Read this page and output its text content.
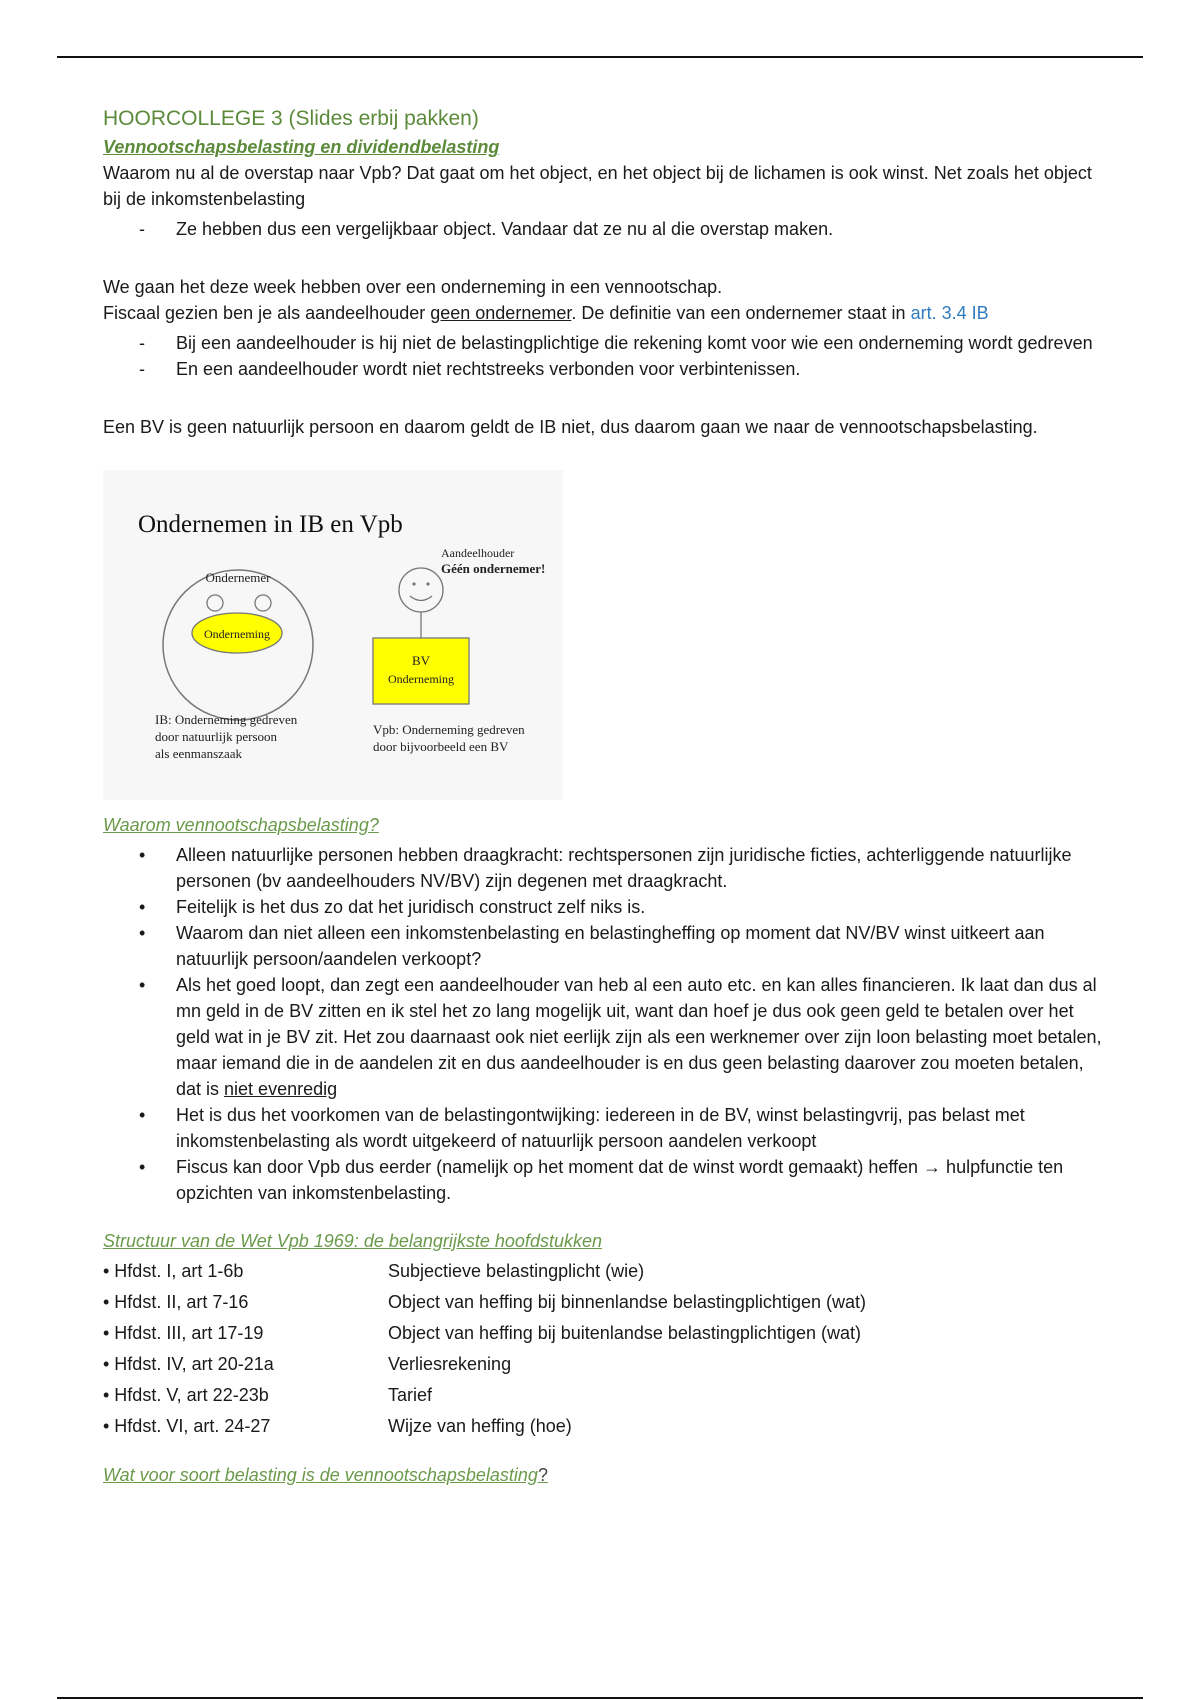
HOORCOLLEGE 3 (Slides erbij pakken)

Vennootschapsbelasting en dividendbelasting

Waarom nu al de overstap naar Vpb? Dat gaat om het object, en het object bij de lichamen is ook winst. Net zoals het object bij de inkomstenbelasting

- Ze hebben dus een vergelijkbaar object. Vandaar dat ze nu al die overstap maken.

We gaan het deze week hebben over een onderneming in een vennootschap.

Fiscaal gezien ben je als aandeelhouder geen ondernemer. De definitie van een ondernemer staat in art. 3.4 IB

- Bij een aandeelhouder is hij niet de belastingplichtige die rekening komt voor wie een onderneming wordt gedreven
- En een aandeelhouder wordt niet rechtstreeks verbonden voor verbintenissen.

Een BV is geen natuurlijk persoon en daarom geldt de IB niet, dus daarom gaan we naar de vennootschapsbelasting.

Ondernemen in IB en Vpb
Ondernemer
Onderneming
Aandeelhouder
Géén ondernemer!
BV
Onderneming
IB: Onderneming gedreven
door natuurlijk persoon
als eenmanszaak
Vpb: Onderneming gedreven
door bijvoorbeeld een BV

Waarom vennootschapsbelasting?

• Alleen natuurlijke personen hebben draagkracht: rechtspersonen zijn juridische ficties, achterliggende natuurlijke personen (bv aandeelhouders NV/BV) zijn degenen met draagkracht.
• Feitelijk is het dus zo dat het juridisch construct zelf niks is.
• Waarom dan niet alleen een inkomstenbelasting en belastingheffing op moment dat NV/BV winst uitkeert aan natuurlijk persoon/aandelen verkoopt?
• Als het goed loopt, dan zegt een aandeelhouder van heb al een auto etc. en kan alles financieren. Ik laat dan dus al mn geld in de BV zitten en ik stel het zo lang mogelijk uit, want dan hoef je dus ook geen geld te betalen over het geld wat in je BV zit. Het zou daarnaast ook niet eerlijk zijn als een werknemer over zijn loon belasting moet betalen, maar iemand die in de aandelen zit en dus aandeelhouder is en dus geen belasting daarover zou moeten betalen, dat is niet evenredig
• Het is dus het voorkomen van de belastingontwijking: iedereen in de BV, winst belastingvrij, pas belast met inkomstenbelasting als wordt uitgekeerd of natuurlijk persoon aandelen verkoopt
• Fiscus kan door Vpb dus eerder (namelijk op het moment dat de winst wordt gemaakt) heffen → hulpfunctie ten opzichten van inkomstenbelasting.

Structuur van de Wet Vpb 1969: de belangrijkste hoofdstukken

• Hfdst. I, art 1-6b	Subjectieve belastingplicht (wie)
• Hfdst. II, art 7-16	Object van heffing bij binnenlandse belastingplichtigen (wat)
• Hfdst. III, art 17-19	Object van heffing bij buitenlandse belastingplichtigen (wat)
• Hfdst. IV, art 20-21a	Verliesrekening
• Hfdst. V, art 22-23b	Tarief
• Hfdst. VI, art. 24-27	Wijze van heffing (hoe)

Wat voor soort belasting is de vennootschapsbelasting?
